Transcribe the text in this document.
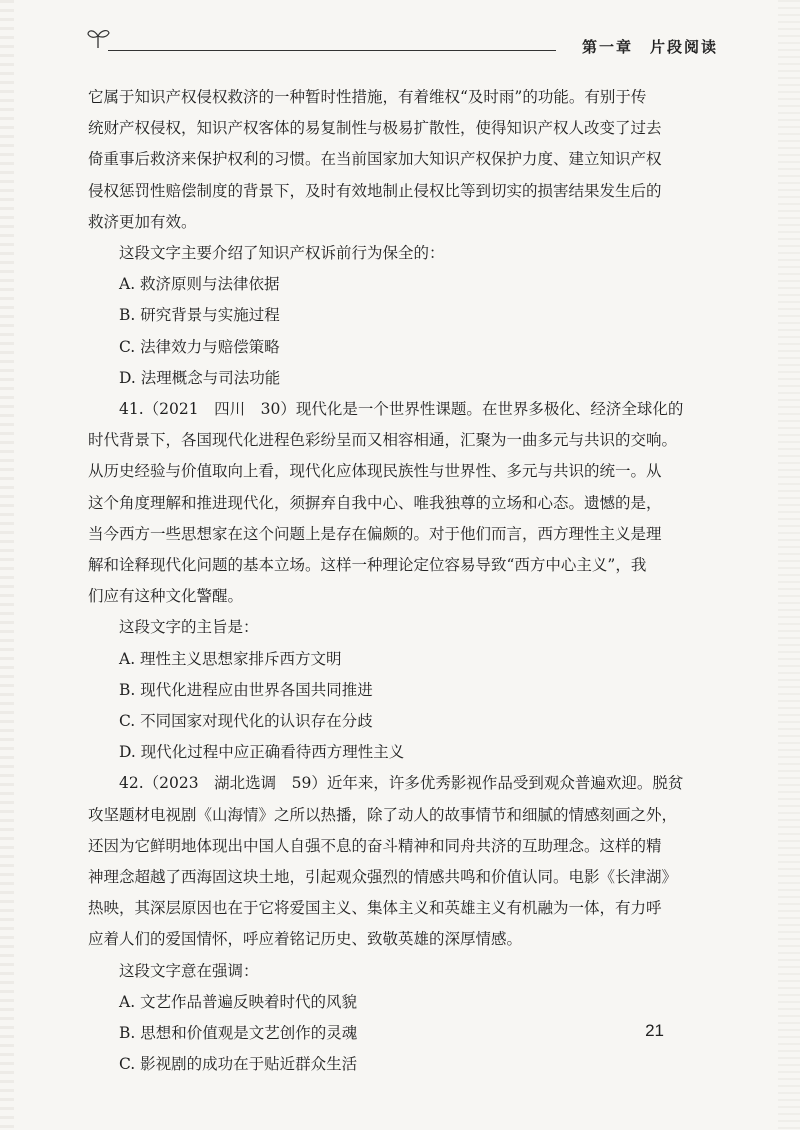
第一章　片段阅读
它属于知识产权侵权救济的一种暂时性措施，有着维权“及时雨”的功能。有别于传
统财产权侵权，知识产权客体的易复制性与极易扩散性，使得知识产权人改变了过去
倚重事后救济来保护权利的习惯。在当前国家加大知识产权保护力度、建立知识产权
侵权惩罚性赔偿制度的背景下，及时有效地制止侵权比等到切实的损害结果发生后的
救济更加有效。
这段文字主要介绍了知识产权诉前行为保全的：
A. 救济原则与法律依据
B. 研究背景与实施过程
C. 法律效力与赔偿策略
D. 法理概念与司法功能
41.（2021　四川　30）现代化是一个世界性课题。在世界多极化、经济全球化的
时代背景下，各国现代化进程色彩纷呈而又相容相通，汇聚为一曲多元与共识的交响。
从历史经验与价值取向上看，现代化应体现民族性与世界性、多元与共识的统一。从
这个角度理解和推进现代化，须摒弃自我中心、唯我独尊的立场和心态。遗憾的是，
当今西方一些思想家在这个问题上是存在偏颇的。对于他们而言，西方理性主义是理
解和诠释现代化问题的基本立场。这样一种理论定位容易导致“西方中心主义”，我
们应有这种文化警醒。
这段文字的主旨是：
A. 理性主义思想家排斥西方文明
B. 现代化进程应由世界各国共同推进
C. 不同国家对现代化的认识存在分歧
D. 现代化过程中应正确看待西方理性主义
42.（2023　湖北选调　59）近年来，许多优秀影视作品受到观众普遍欢迎。脱贫
攻坚题材电视剧《山海情》之所以热播，除了动人的故事情节和细腻的情感刻画之外，
还因为它鲜明地体现出中国人自强不息的奋斗精神和同舟共济的互助理念。这样的精
神理念超越了西海固这块土地，引起观众强烈的情感共鸣和价值认同。电影《长津湖》
热映，其深层原因也在于它将爱国主义、集体主义和英雄主义有机融为一体，有力呼
应着人们的爱国情怀，呼应着铭记历史、致敬英雄的深厚情感。
这段文字意在强调：
A. 文艺作品普遍反映着时代的风貌
B. 思想和价值观是文艺创作的灵魂
C. 影视剧的成功在于贴近群众生活
21
